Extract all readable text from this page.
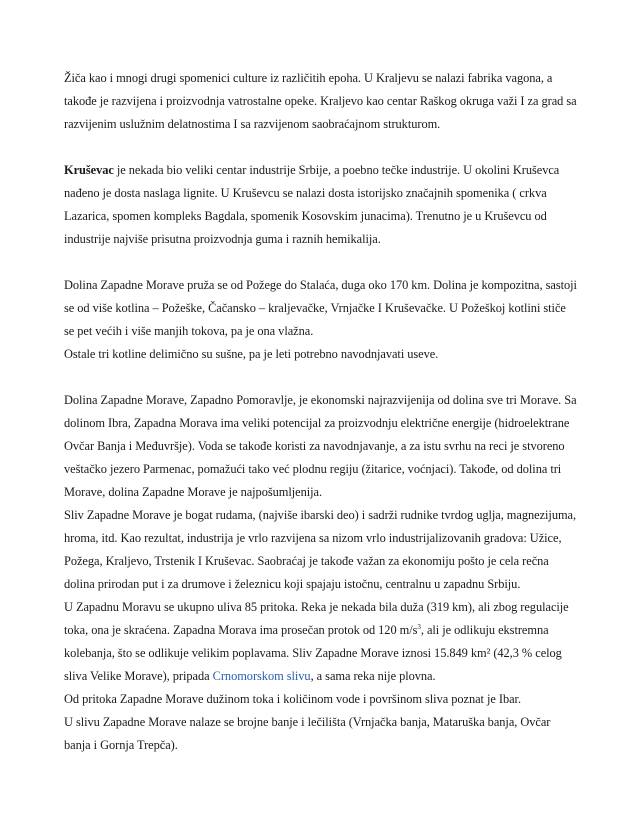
Žiča kao i mnogi drugi spomenici culture iz različitih epoha. U Kraljevu se nalazi fabrika vagona, a
takođe je razvijena i proizvodnja vatrostalne opeke. Kraljevo kao centar Raškog okruga važi I za grad sa
razvijenim uslužnim delatnostima I sa razvijenom saobraćajnom strukturom.

Kruševac je nekada bio veliki centar industrije Srbije, a poebno tečke industrije. U okolini Kruševca
nađeno je dosta naslaga lignite. U Kruševcu se nalazi dosta istorijsko značajnih spomenika ( crkva
Lazarica, spomen kompleks Bagdala, spomenik Kosovskim junacima). Trenutno je u Kruševcu od
industrije najviše prisutna proizvodnja guma i raznih hemikalija.

Dolina Zapadne Morave pruža se od Požege do Stalaća, duga oko 170 km. Dolina je kompozitna, sastoji
se od više kotlina – Požeške, Čačansko – kraljevačke, Vrnjačke I Kruševačke. U Požeškoj kotlini stiče
se pet većih i više manjih tokova, pa je ona vlažna.
Ostale tri kotline delimično su sušne, pa je leti potrebno navodnjavati useve.

Dolina Zapadne Morave, Zapadno Pomoravlje, je ekonomski najrazvijenija od dolina sve tri Morave. Sa
dolinom Ibra, Zapadna Morava ima veliki potencijal za proizvodnju električne energije (hidroelektrane
Ovčar Banja i Međuvršje). Voda se takođe koristi za navodnjavanje, a za istu svrhu na reci je stvoreno
veštačko jezero Parmenac, pomažući tako već plodnu regiju (žitarice, voćnjaci). Takođe, od dolina tri
Morave, dolina Zapadne Morave je najpošumljenija.
Sliv Zapadne Morave je bogat rudama, (najviše ibarski deo) i sadrži rudnike tvrdog uglja, magnezijuma,
hroma, itd. Kao rezultat, industrija je vrlo razvijena sa nizom vrlo industrijalizovanih gradova: Užice,
Požega, Kraljevo, Trstenik I Kruševac. Saobraćaj je takođe važan za ekonomiju pošto je cela rečna
dolina prirodan put i za drumove i železnicu koji spajaju istočnu, centralnu u zapadnu Srbiju.
U Zapadnu Moravu se ukupno uliva 85 pritoka. Reka je nekada bila duža (319 km), ali zbog regulacije
toka, ona je skraćena. Zapadna Morava ima prosečan protok od 120 $m/s^3$, ali je odlikuju ekstremna
kolebanja, što se odlikuje velikim poplavama. Sliv Zapadne Morave iznosi 15.849 km² (42,3 % celog
sliva Velike Morave), pripada Crnomorskom slivu, a sama reka nije plovna.
Od pritoka Zapadne Morave dužinom toka i količinom vode i površinom sliva poznat je Ibar.
U slivu Zapadne Morave nalaze se brojne banje i lečilišta (Vrnjačka banja, Mataruška banja, Ovčar
banja i Gornja Trepča).
